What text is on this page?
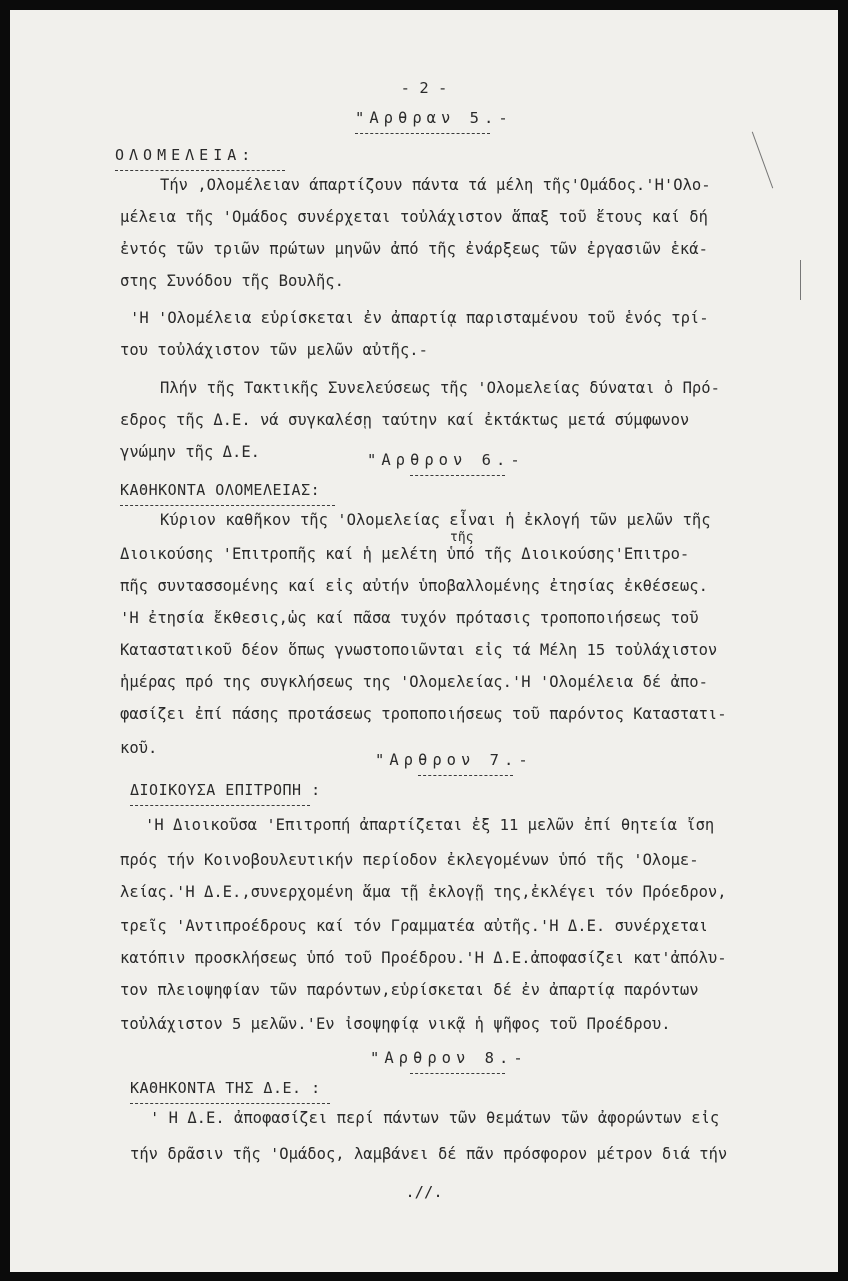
- 2 -
"Αρθραν 5.-
ΟΛΟΜΕΛΕΙΑ:
Τήν ,Ολομέλειαν άπαρτίζουν πάντα τά μέλη τῆς'Ομάδος.'Η'Ολο-
μέλεια τῆς 'Ομάδος συνέρχεται τοὐλάχιστον ἅπαξ τοῦ ἔτους καί δή
ἐντός τῶν τριῶν πρώτων μηνῶν ἀπό τῆς ἐνάρξεως τῶν ἐργασιῶν ἑκά-
στης Συνόδου τῆς Βουλῆς.
'Η 'Ολομέλεια εὑρίσκεται ἐν ἀπαρτίᾳ παρισταμένου τοῦ ἑνός τρί-
του τοὐλάχιστον τῶν μελῶν αὐτῆς.-
Πλήν τῆς Τακτικῆς Συνελεύσεως τῆς 'Ολομελείας δύναται ὁ Πρό-
εδρος τῆς Δ.Ε. νά συγκαλέσῃ ταύτην καί ἐκτάκτως μετά σύμφωνον
γνώμην τῆς Δ.Ε.	"Αρθρον 6.-
ΚΑΘΗΚΟΝΤΑ ΟΛΟΜΕΛΕΙΑΣ:
Κύριον καθῆκον τῆς 'Ολομελείας εἶναι ἡ ἐκλογή τῶν μελῶν τῆς
τῆς
Διοικούσης 'Επιτροπῆς καί ἡ μελέτη ὑπό τῆς Διοικούσης'Επιτρο-
πῆς συντασσομένης καί εἰς αὐτήν ὑποβαλλομένης ἐτησίας ἐκθέσεως.
'Η ἐτησία ἔκθεσις,ὡς καί πᾶσα τυχόν πρότασις τροποποιήσεως τοῦ
Καταστατικοῦ δέον ὅπως γνωστοποιῶνται εἰς τά Μέλη 15 τοὐλάχιστον
ἡμέρας πρό της συγκλήσεως της 'Ολομελείας.'Η 'Ολομέλεια δέ ἀπο-
φασίζει ἐπί πάσης προτάσεως τροποποιήσεως τοῦ παρόντος Καταστατι-
κοῦ.
"Αρθρον 7.-
ΔΙΟΙΚΟΥΣΑ ΕΠΙΤΡΟΠΗ :
'Η Διοικοῦσα 'Επιτροπή ἀπαρτίζεται ἐξ 11 μελῶν ἐπί θητεία ἴση
πρός τήν Κοινοβουλευτικήν περίοδον ἐκλεγομένων ὑπό τῆς 'Ολομε-
λείας.'Η Δ.Ε.,συνερχομένη ἅμα τῇ ἐκλογῇ της,ἐκλέγει τόν Πρόεδρον,
τρεῖς 'Αντιπροέδρους καί τόν Γραμματέα αὐτῆς.'Η Δ.Ε. συνέρχεται
κατόπιν προσκλήσεως ὑπό τοῦ Προέδρου.'Η Δ.Ε.ἀποφασίζει κατ'ἀπόλυ-
τον πλειοψηφίαν τῶν παρόντων,εὑρίσκεται δέ ἐν ἀπαρτίᾳ παρόντων
τοὐλάχιστον 5 μελῶν.'Εν ἰσοψηφίᾳ νικᾷ ἡ ψῆφος τοῦ Προέδρου.
"Αρθρον 8.-
ΚΑΘΗΚΟΝΤΑ ΤΗΣ Δ.Ε. :
' Η Δ.Ε. ἀποφασίζει περί πάντων τῶν θεμάτων τῶν ἀφορώντων εἰς
τήν δρᾶσιν τῆς 'Ομάδος, λαμβάνει δέ πᾶν πρόσφορον μέτρον διά τήν
.//.
